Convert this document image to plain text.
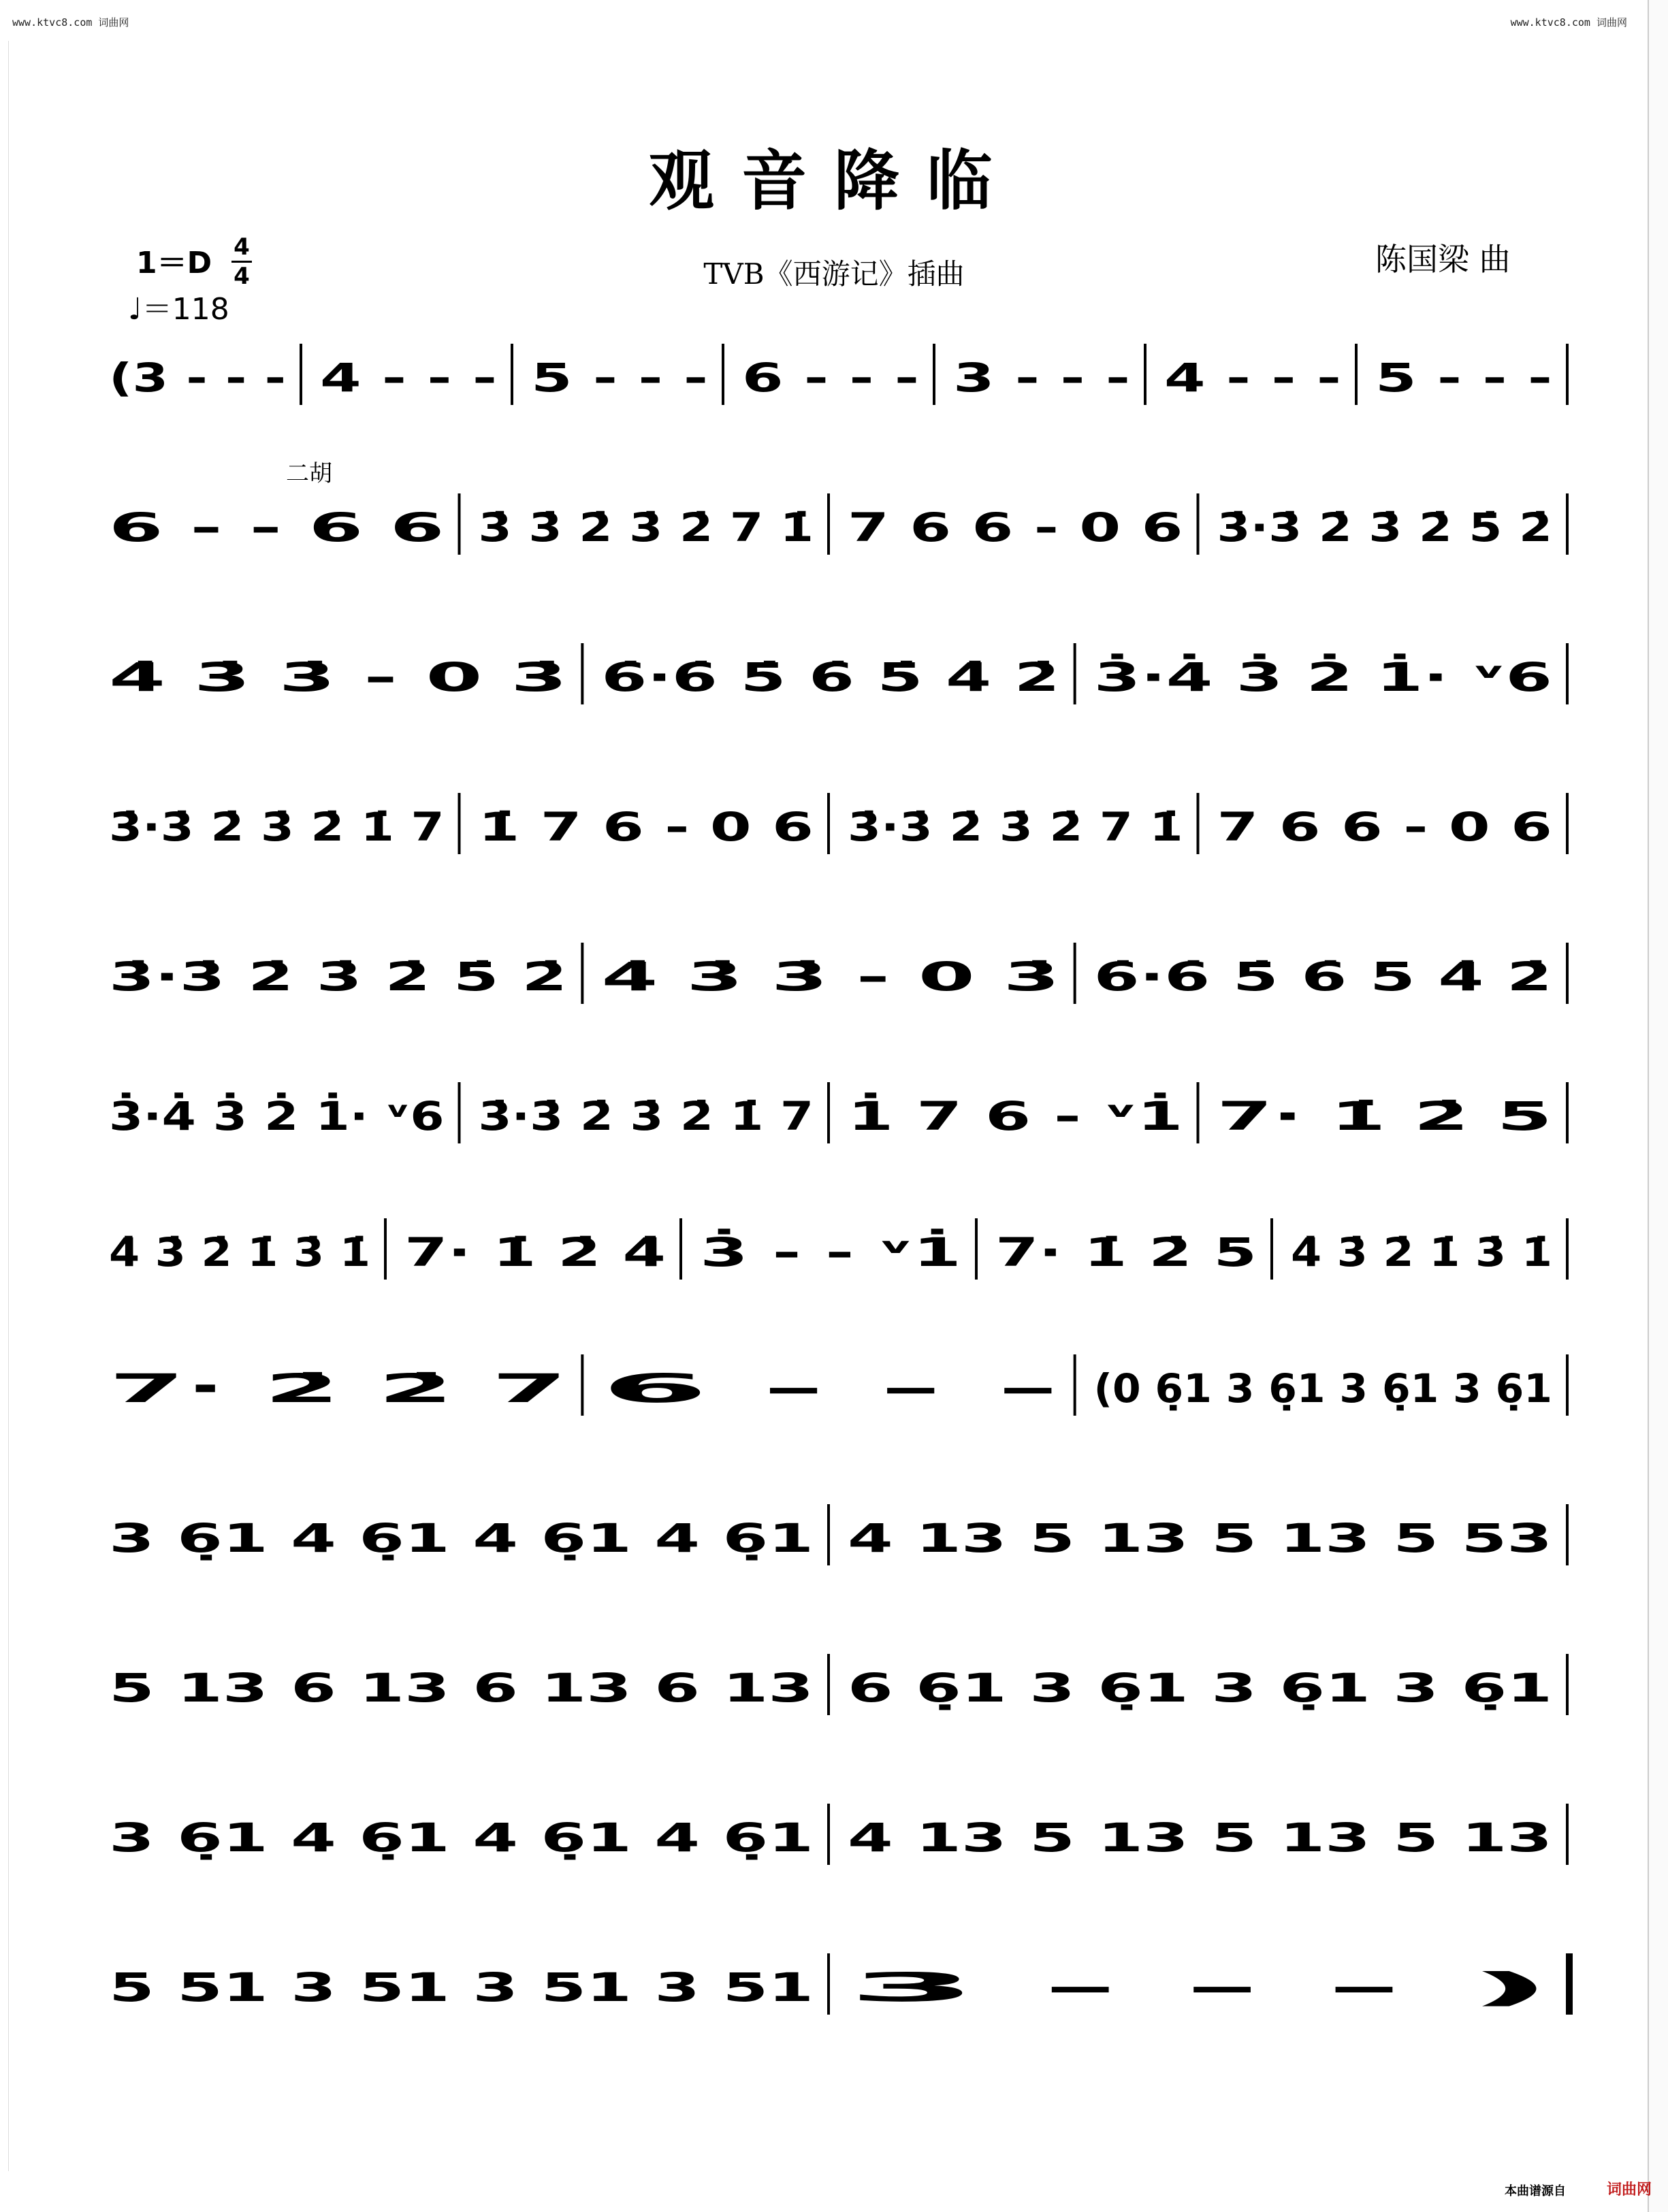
www.ktvc8.com 词曲网	www.ktvc8.com 词曲网
观音降临
1＝D 4
4
♩＝118
TVB《西游记》插曲	陈国梁 曲
二胡
(3 - - - 4 - - - 5 - - - 6 - - - 3 - - - 4 - - - 5 - - -
6 - - 6 6 3̇ 3̇ 2̇ 3̇ 2̇ 7 1̇ 7 6 6 - 0 6 3̇·3̇ 2̇ 3̇ 2̇ 5̇ 2̇
4̇ 3̇ 3̇ - 0 3̇ 6̇·6̇ 5̇ 6̇ 5̇ 4̇ 2̇ 3̇·4̇ 3̇ 2̇ 1̇· ᵛ6
3̇·3̇ 2̇ 3̇ 2̇ 1̇ 7 1̇ 7 6 - 0 6 3̇·3̇ 2̇ 3̇ 2̇ 7 1̇ 7 6 6 - 0 6
3̇·3̇ 2̇ 3̇ 2̇ 5̇ 2̇ 4̇ 3̇ 3̇ - 0 3̇ 6̇·6̇ 5̇ 6̇ 5 4̇ 2̇
3̇·4̇ 3̇ 2̇ 1̇· ᵛ6	3̇·3̇ 2̇ 3̇ 2̇ 1̇ 7 1̇ 7 6 - ᵛ1̇	7· 1̇ 2̇ 5
4̇ 3̇ 2̇ 1̇ 3̇ 1̇ 7· 1̇ 2̇ 4̇ 3̇ - - ᵛ1̇	7· 1̇ 2̇ 5 4̇ 3̇ 2̇ 1̇ 3̇ 1̇
7· 2̇ 2̇ 7 6 - - - (0 6̣1 3 6̣1 3 6̣1 3 6̣1
3 6̣1 4 6̣1 4 6̣1 4 6̣1 4 13 5 13 5 13 5 53
5 13 6 13 6 13 6 13 6 6̣1 3 6̣1 3 6̣1 3 6̣1
3 6̣1 4 6̣1 4 6̣1 4 6̣1 4 13 5 13 5 13 5 13
5 51 3 51 3 51 3 51 3 - - - )
本曲谱源自	词曲网
